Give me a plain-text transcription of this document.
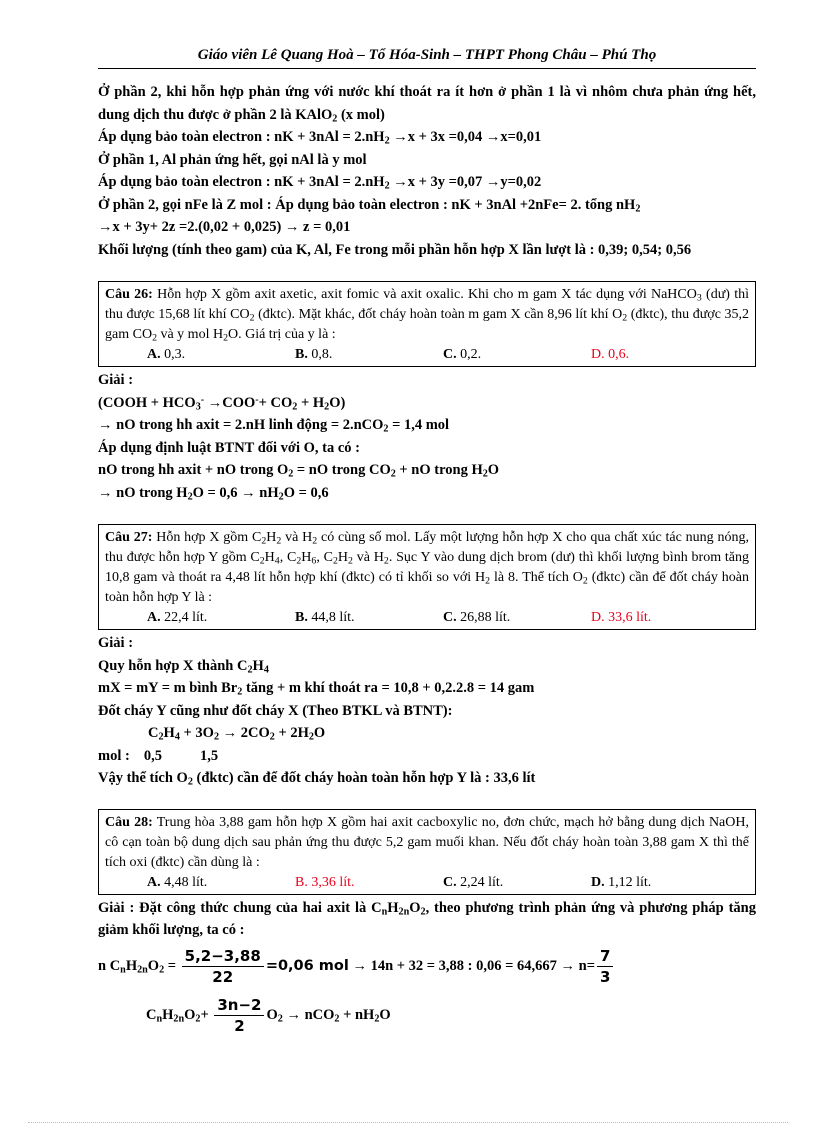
Giáo viên Lê Quang Hoà – Tổ Hóa-Sinh – THPT Phong Châu – Phú Thọ
Ở phần 2, khi hỗn hợp phản ứng với nước khí thoát ra ít hơn ở phần 1 là vì nhôm chưa phản ứng hết, dung dịch thu được ở phần 2 là KAlO$_2$ (x mol)
Áp dụng bảo toàn electron : nK + $3nAl = 2.nH_2 \to x + 3x =0,04 \to x=0,01$
Ở phần 1, Al phản ứng hết, gọi nAl là y mol
Áp dụng bảo toàn electron : nK + $3nAl = 2.nH_2 \to x + 3y =0,07 \to y=0,02$
Ở phần 2, gọi nFe là Z mol : Áp dụng bảo toàn electron : nK + 3nAl +2nFe= 2. tổng $nH_2$
→x + 3y+ 2z =2.(0,02 + 0,025) → z = 0,01
Khối lượng (tính theo gam) của K, Al, Fe trong mỗi phần hỗn hợp X lần lượt là : 0,39; 0,54; 0,56
Câu 26: Hỗn hợp X gồm axit axetic, axit fomic và axit oxalic. Khi cho m gam X tác dụng với NaHCO$_3$ (dư) thì thu được 15,68 lít khí $CO_2$ (đktc). Mặt khác, đốt cháy hoàn toàn m gam X cần 8,96 lít khí $O_2$ (đktc), thu được 35,2 gam $CO_2$ và y mol $H_2O$. Giá trị của y là :
A. 0,3.	B. 0,8.	C. 0,2.	D. 0,6.
Giải :
(COOH + $HCO_3^- \to COO^-+ CO_2 + H_2O$)
→ nO trong hh axit = 2.nH linh động = 2.nCO$_2$ = 1,4 mol
Áp dụng định luật BTNT đối với O, ta có :
nO trong hh axit + nO trong $O_2$ = nO trong $CO_2$ + nO trong $H_2O$
→ nO trong $H_2O = 0,6 \to nH_2O = 0,6$
Câu 27: Hỗn hợp X gồm $C_2H_2$ và $H_2$ có cùng số mol. Lấy một lượng hỗn hợp X cho qua chất xúc tác nung nóng, thu được hỗn hợp Y gồm $C_2H_4$, $C_2H_6$, $C_2H_2$ và $H_2$. Sục Y vào dung dịch brom (dư) thì khối lượng bình brom tăng 10,8 gam và thoát ra 4,48 lít hỗn hợp khí (đktc) có tỉ khối so với $H_2$ là 8. Thể tích $O_2$ (đktc) cần để đốt cháy hoàn toàn hỗn hợp Y là :
A. 22,4 lít.	B. 44,8 lít.	C. 26,88 lít.	D. 33,6 lít.
Giải :
Quy hỗn hợp X thành $C_2H_4$
mX = mY = m bình $Br_2$ tăng + m khí thoát ra = 10,8 + 0,2.2.8 = 14 gam
Đốt cháy Y cũng như đốt cháy X (Theo BTKL và BTNT):
$C_2H_4 + 3O_2 \to 2CO_2 + 2H_2O$
mol : 0,5	1,5
Vậy thể tích $O_2$ (đktc) cần để đốt cháy hoàn toàn hỗn hợp Y là : 33,6 lít
Câu 28: Trung hòa 3,88 gam hỗn hợp X gồm hai axit cacboxylic no, đơn chức, mạch hở bằng dung dịch NaOH, cô cạn toàn bộ dung dịch sau phản ứng thu được 5,2 gam muối khan. Nếu đốt cháy hoàn toàn 3,88 gam X thì thể tích oxi (đktc) cần dùng là :
A. 4,48 lít.	B. 3,36 lít.	C. 2,24 lít.	D. 1,12 lít.
Giải : Đặt công thức chung của hai axit là $C_nH_{2n}O_2$, theo phương trình phản ứng và phương pháp tăng giảm khối lượng, ta có :
n $C_nH_{2n}O_2 = \frac{5,2-3,88}{22} =0,06$ mol → 14n + 32 = 3,88 : $0,06 = 64,667 \to n= \frac{7}{3}$
$C_nH_{2n}O_2+ \frac{3n-2}{2} O_2 \to nCO_2 + nH_2O$
